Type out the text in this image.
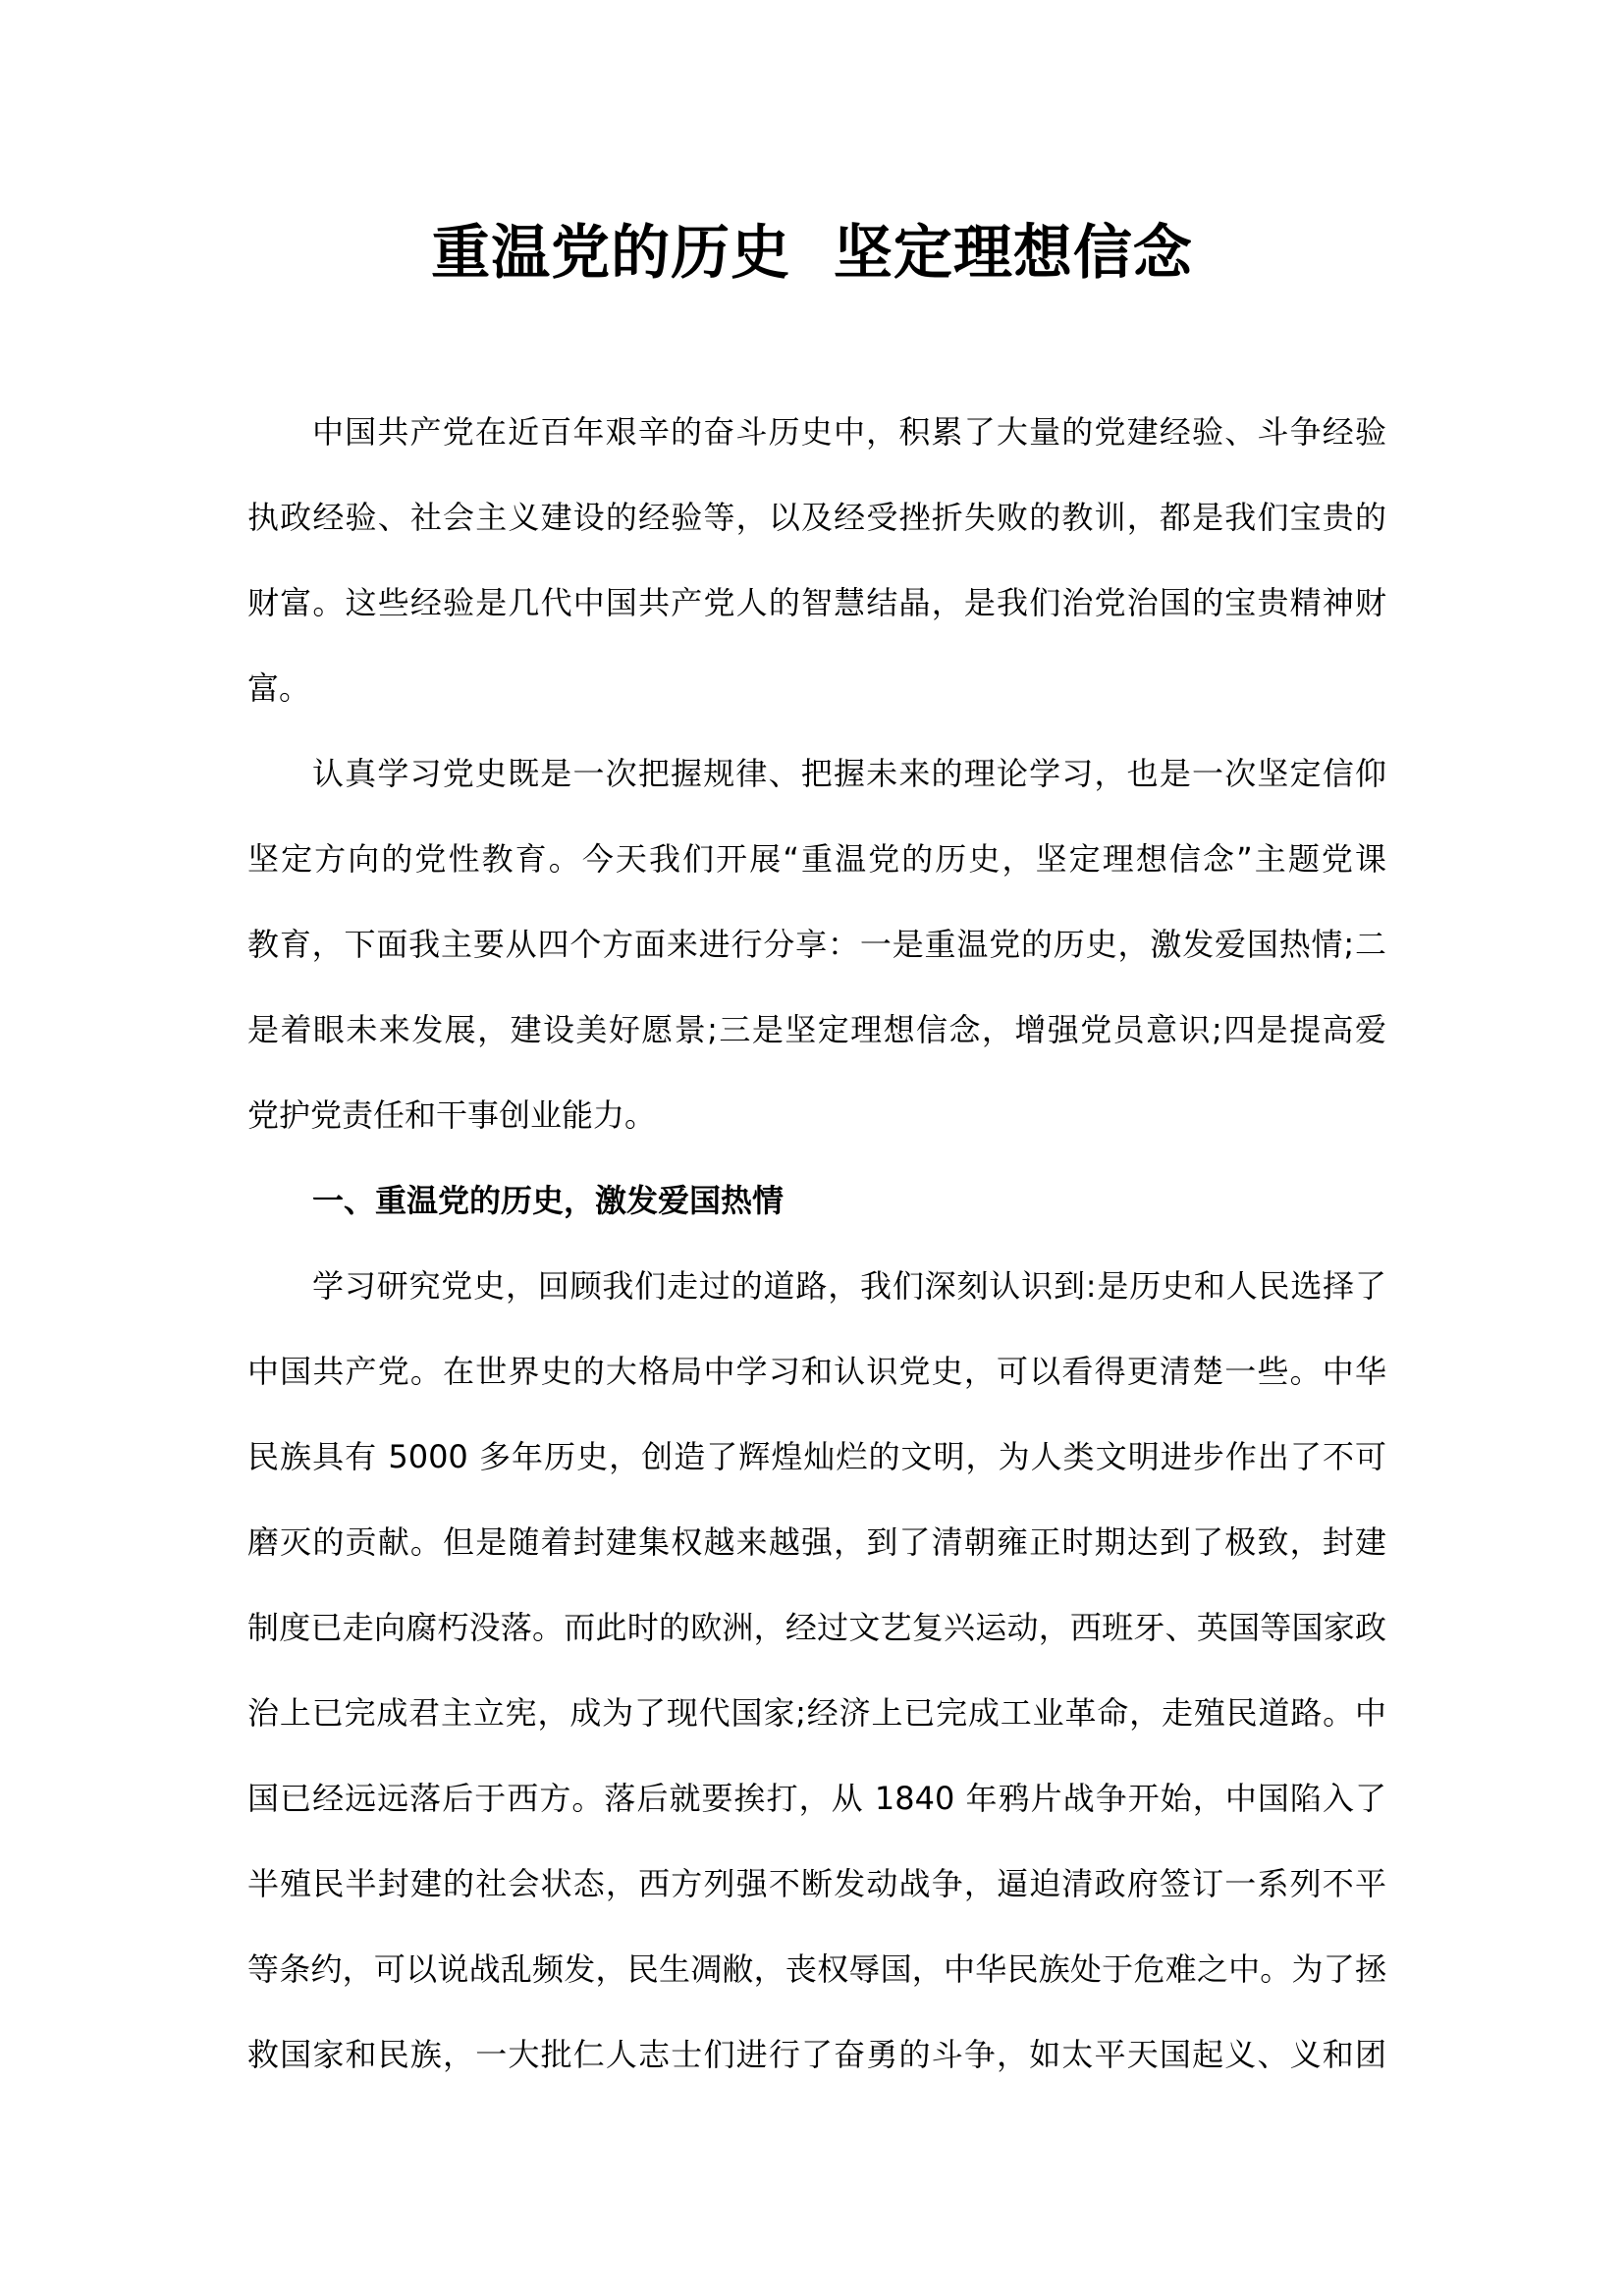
重温党的历史  坚定理想信念
中国共产党在近百年艰辛的奋斗历史中，积累了大量的党建经验、斗争经验
执政经验、社会主义建设的经验等，以及经受挫折失败的教训，都是我们宝贵的
财富。这些经验是几代中国共产党人的智慧结晶，是我们治党治国的宝贵精神财
富。
认真学习党史既是一次把握规律、把握未来的理论学习，也是一次坚定信仰
坚定方向的党性教育。今天我们开展“重温党的历史，坚定理想信念”主题党课
教育，下面我主要从四个方面来进行分享：一是重温党的历史，激发爱国热情;二
是着眼未来发展，建设美好愿景;三是坚定理想信念，增强党员意识;四是提高爱
党护党责任和干事创业能力。
一、重温党的历史，激发爱国热情
学习研究党史，回顾我们走过的道路，我们深刻认识到:是历史和人民选择了
中国共产党。在世界史的大格局中学习和认识党史，可以看得更清楚一些。中华
民族具有 5000 多年历史，创造了辉煌灿烂的文明，为人类文明进步作出了不可
磨灭的贡献。但是随着封建集权越来越强，到了清朝雍正时期达到了极致，封建
制度已走向腐朽没落。而此时的欧洲，经过文艺复兴运动，西班牙、英国等国家政
治上已完成君主立宪，成为了现代国家;经济上已完成工业革命，走殖民道路。中
国已经远远落后于西方。落后就要挨打，从 1840 年鸦片战争开始，中国陷入了
半殖民半封建的社会状态，西方列强不断发动战争，逼迫清政府签订一系列不平
等条约，可以说战乱频发，民生凋敝，丧权辱国，中华民族处于危难之中。为了拯
救国家和民族，一大批仁人志士们进行了奋勇的斗争，如太平天国起义、义和团
